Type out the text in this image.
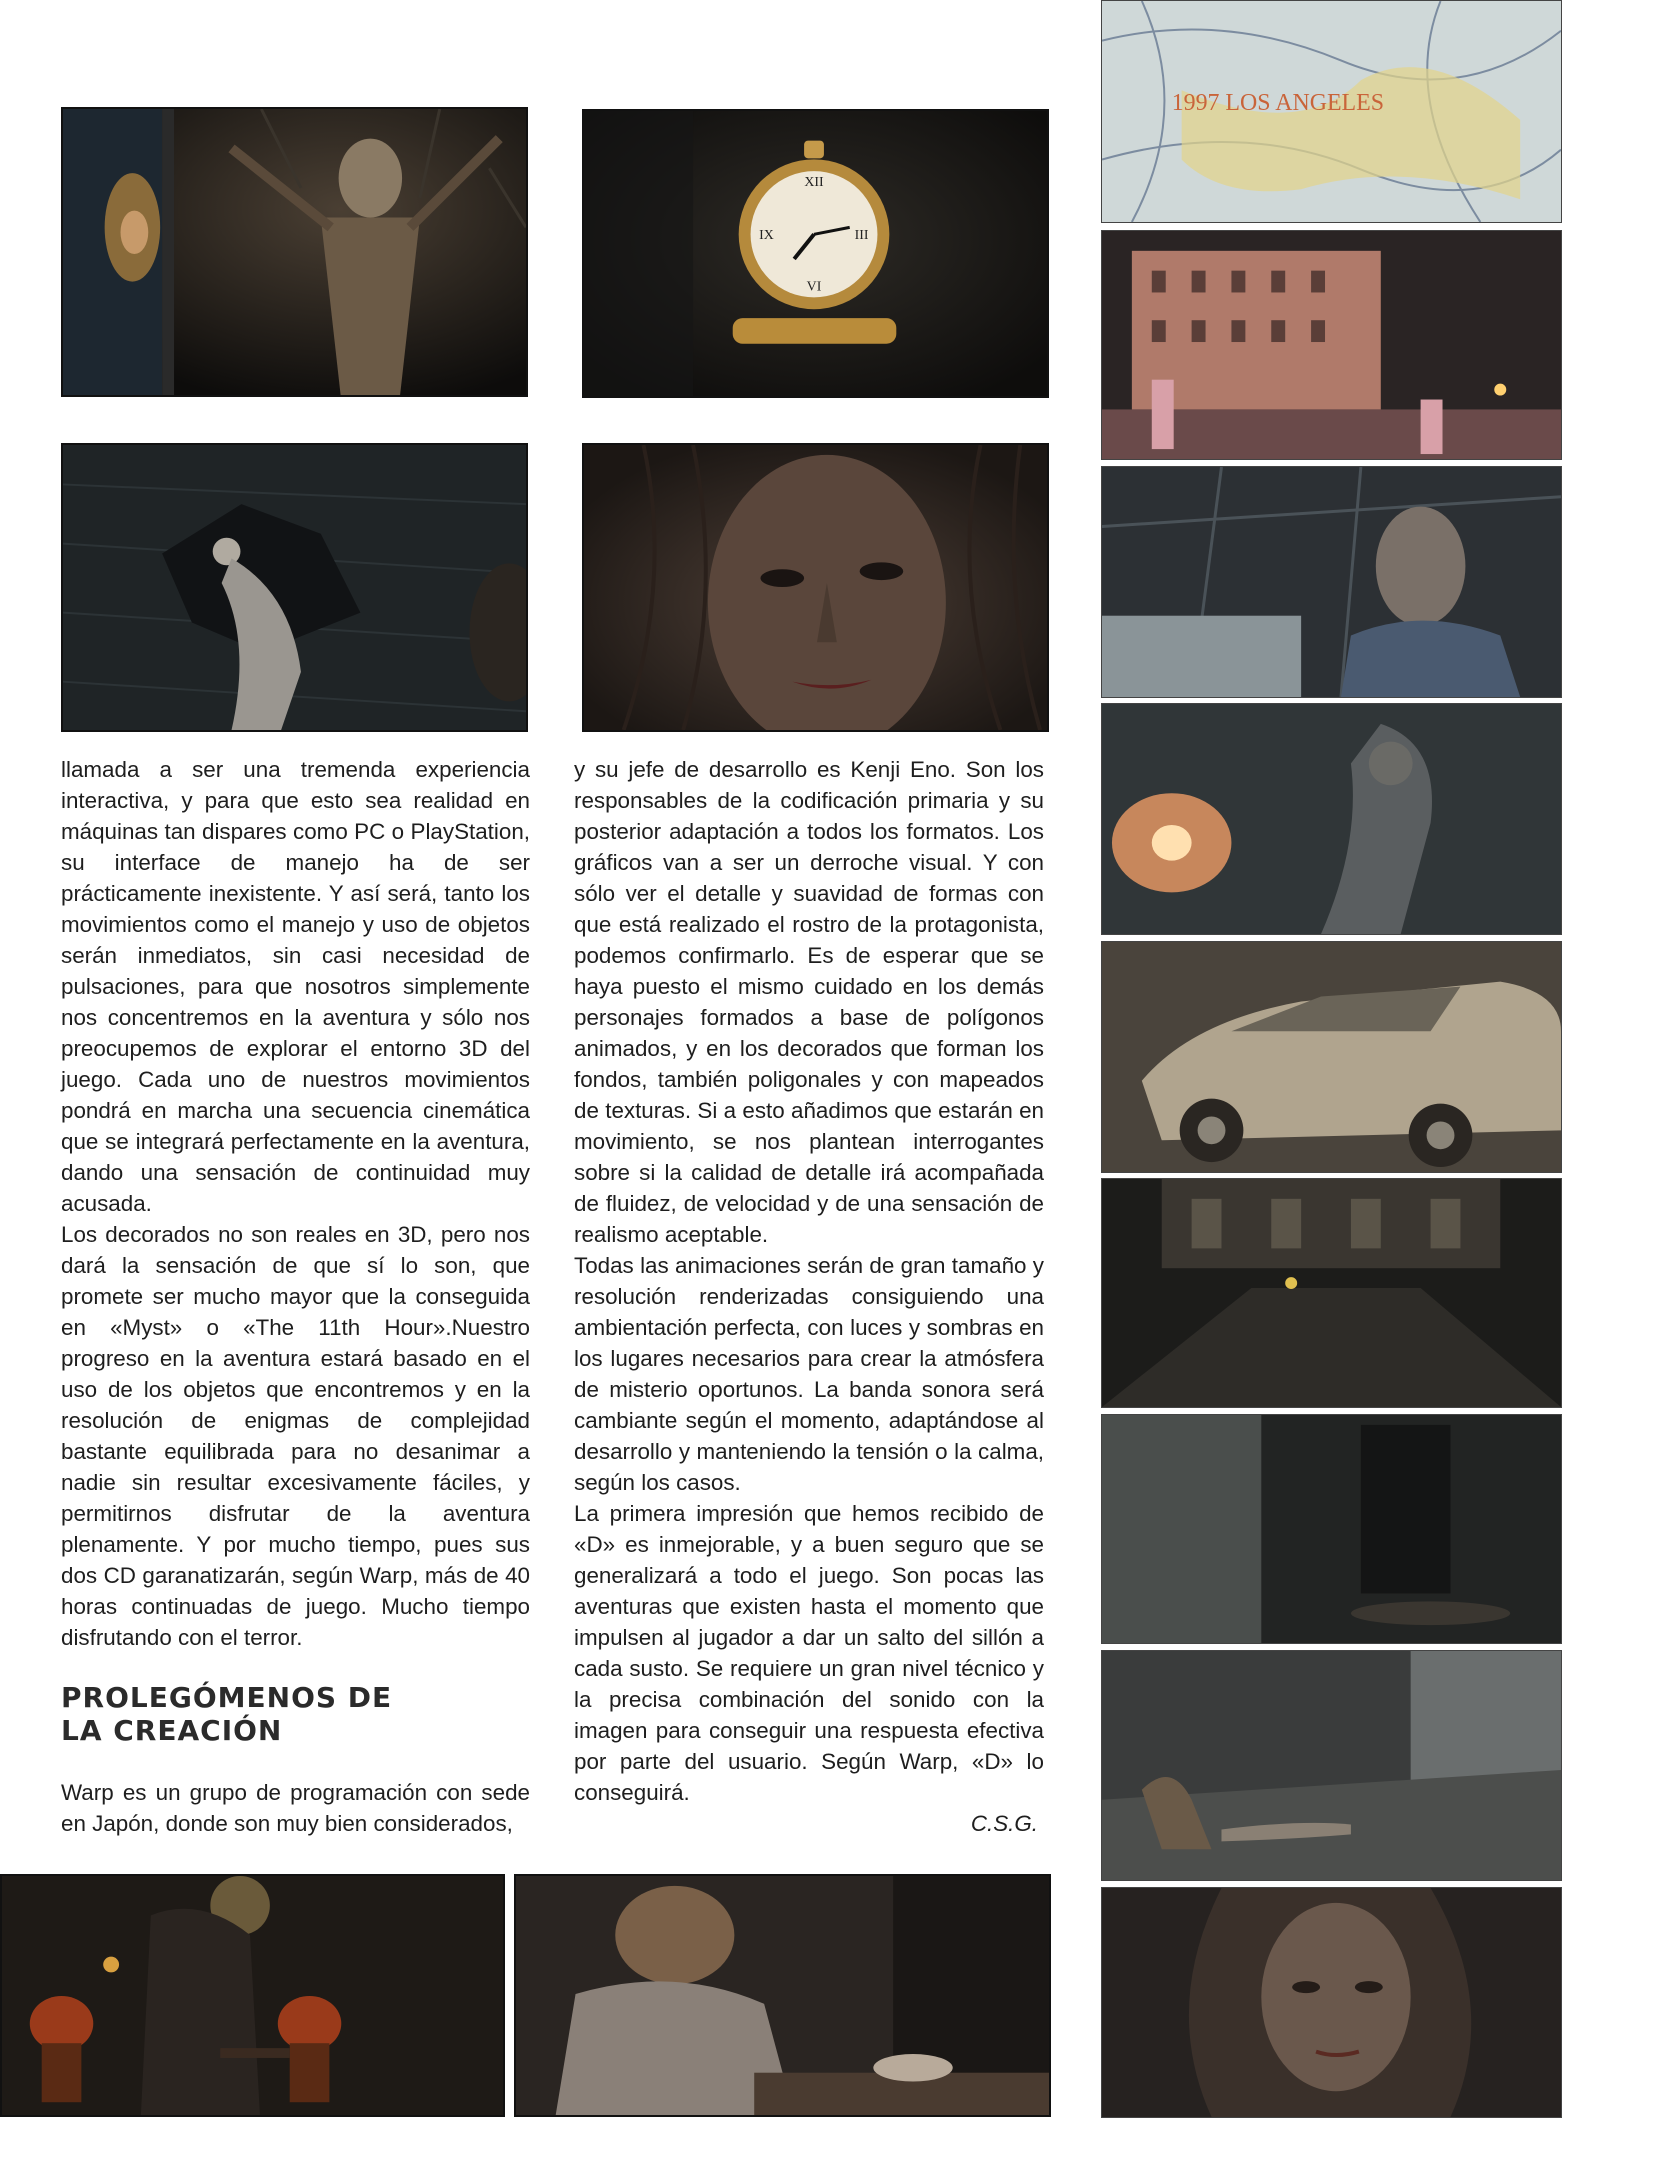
XII
III
VI
IX
1997 LOS ANGELES

llamada a ser una tremenda experiencia interactiva, y para que esto sea realidad en máquinas tan dispares como PC o PlayStation, su interface de manejo ha de ser prácticamente inexistente. Y así será, tanto los movimientos como el manejo y uso de objetos serán inmediatos, sin casi necesidad de pulsaciones, para que nosotros simplemente nos concentremos en la aventura y sólo nos preocupemos de explorar el entorno 3D del juego. Cada uno de nuestros movimientos pondrá en marcha una secuencia cinemática que se integrará perfectamente en la aventura, dando una sensación de continuidad muy acusada.

Los decorados no son reales en 3D, pero nos dará la sensación de que sí lo son, que promete ser mucho mayor que la conseguida en «Myst» o «The 11th Hour».Nuestro progreso en la aventura estará basado en el uso de los objetos que encontremos y en la resolución de enigmas de complejidad bastante equilibrada para no desanimar a nadie sin resultar excesivamente fáciles, y permitirnos disfrutar de la aventura plenamente. Y por mucho tiempo, pues sus dos CD garanatizarán, según Warp, más de 40 horas continuadas de juego. Mucho tiempo disfrutando con el terror.

PROLEGÓMENOS DE
LA CREACIÓN

Warp es un grupo de programación con sede en Japón, donde son muy bien considerados,

y su jefe de desarrollo es Kenji Eno. Son los responsables de la codificación primaria y su posterior adaptación a todos los formatos. Los gráficos van a ser un derroche visual. Y con sólo ver el detalle y suavidad de formas con que está realizado el rostro de la protagonista, podemos confirmarlo. Es de esperar que se haya puesto el mismo cuidado en los demás personajes formados a base de polígonos animados, y en los decorados que forman los fondos, también poligonales y con mapeados de texturas. Si a esto añadimos que estarán en movimiento, se nos plantean interrogantes sobre si la calidad de detalle irá acompañada de fluidez, de velocidad y de una sensación de realismo aceptable.

Todas las animaciones serán de gran tamaño y resolución renderizadas consiguiendo una ambientación perfecta, con luces y sombras en los lugares necesarios para crear la atmósfera de misterio oportunos. La banda sonora será cambiante según el momento, adaptándose al desarrollo y manteniendo la tensión o la calma, según los casos.

La primera impresión que hemos recibido de «D» es inmejorable, y a buen seguro que se generalizará a todo el juego. Son pocas las aventuras que existen hasta el momento que impulsen al jugador a dar un salto del sillón a cada susto. Se requiere un gran nivel técnico y la precisa combinación del sonido con la imagen para conseguir una respuesta efectiva por parte del usuario. Según Warp, «D» lo conseguirá.

C.S.G.
